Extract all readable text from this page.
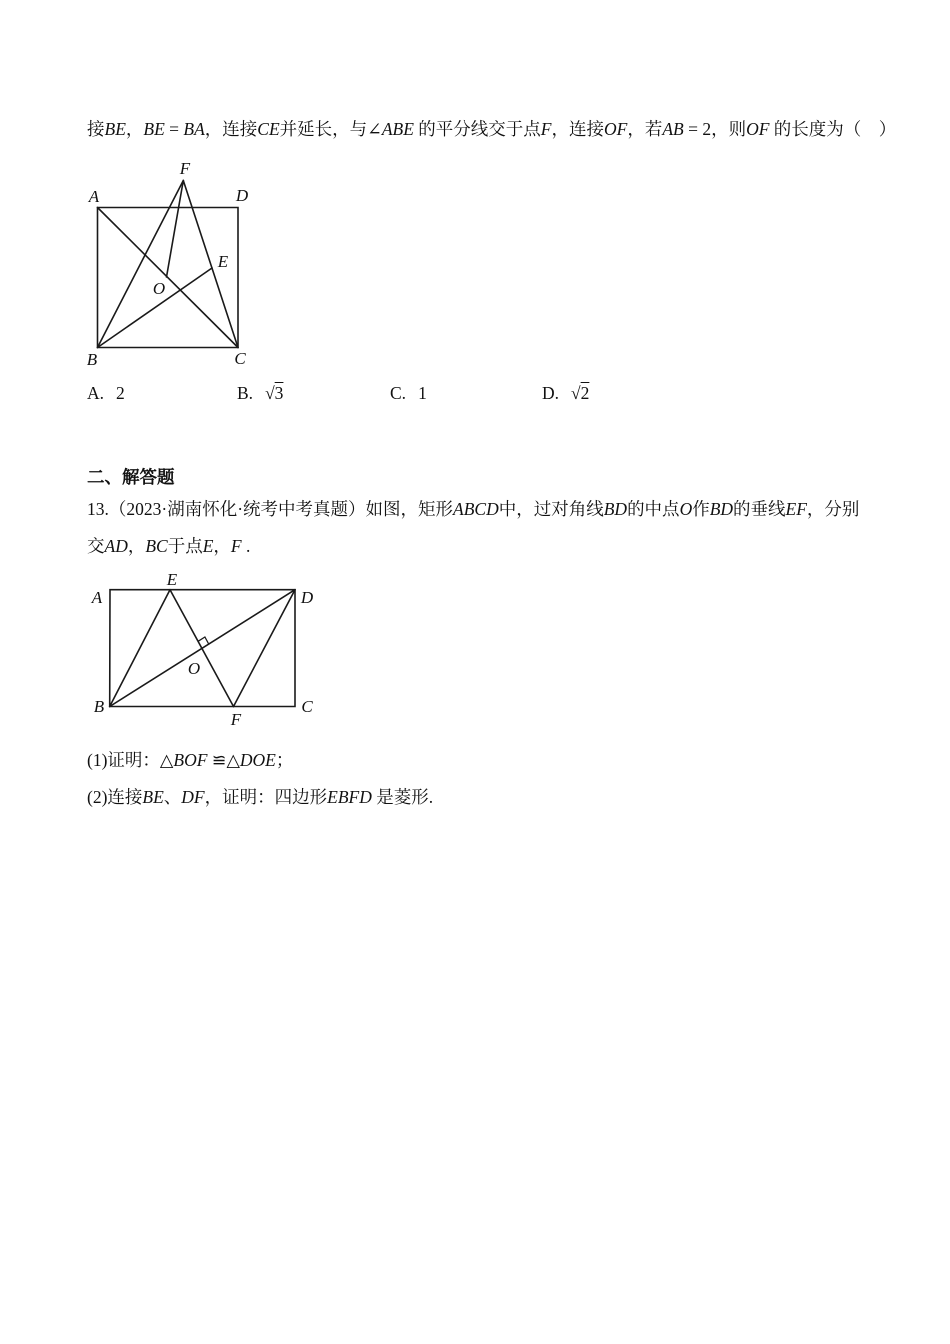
接BE，BE = BA，连接CE并延长，与∠ABE 的平分线交于点F，连接OF，若AB = 2，则OF 的长度为（　）
A	D
F
B	C
E
O
A. 2	B. √3	C. 1	D. √2
二、解答题
13.（2023·湖南怀化·统考中考真题）如图，矩形ABCD中，过对角线BD的中点O作BD的垂线EF，分别
交AD，BC于点E，F .
A	D
B	C
E
F
O
(1)证明：△BOF ≌△DOE；
(2)连接BE、DF，证明：四边形EBFD 是菱形.
